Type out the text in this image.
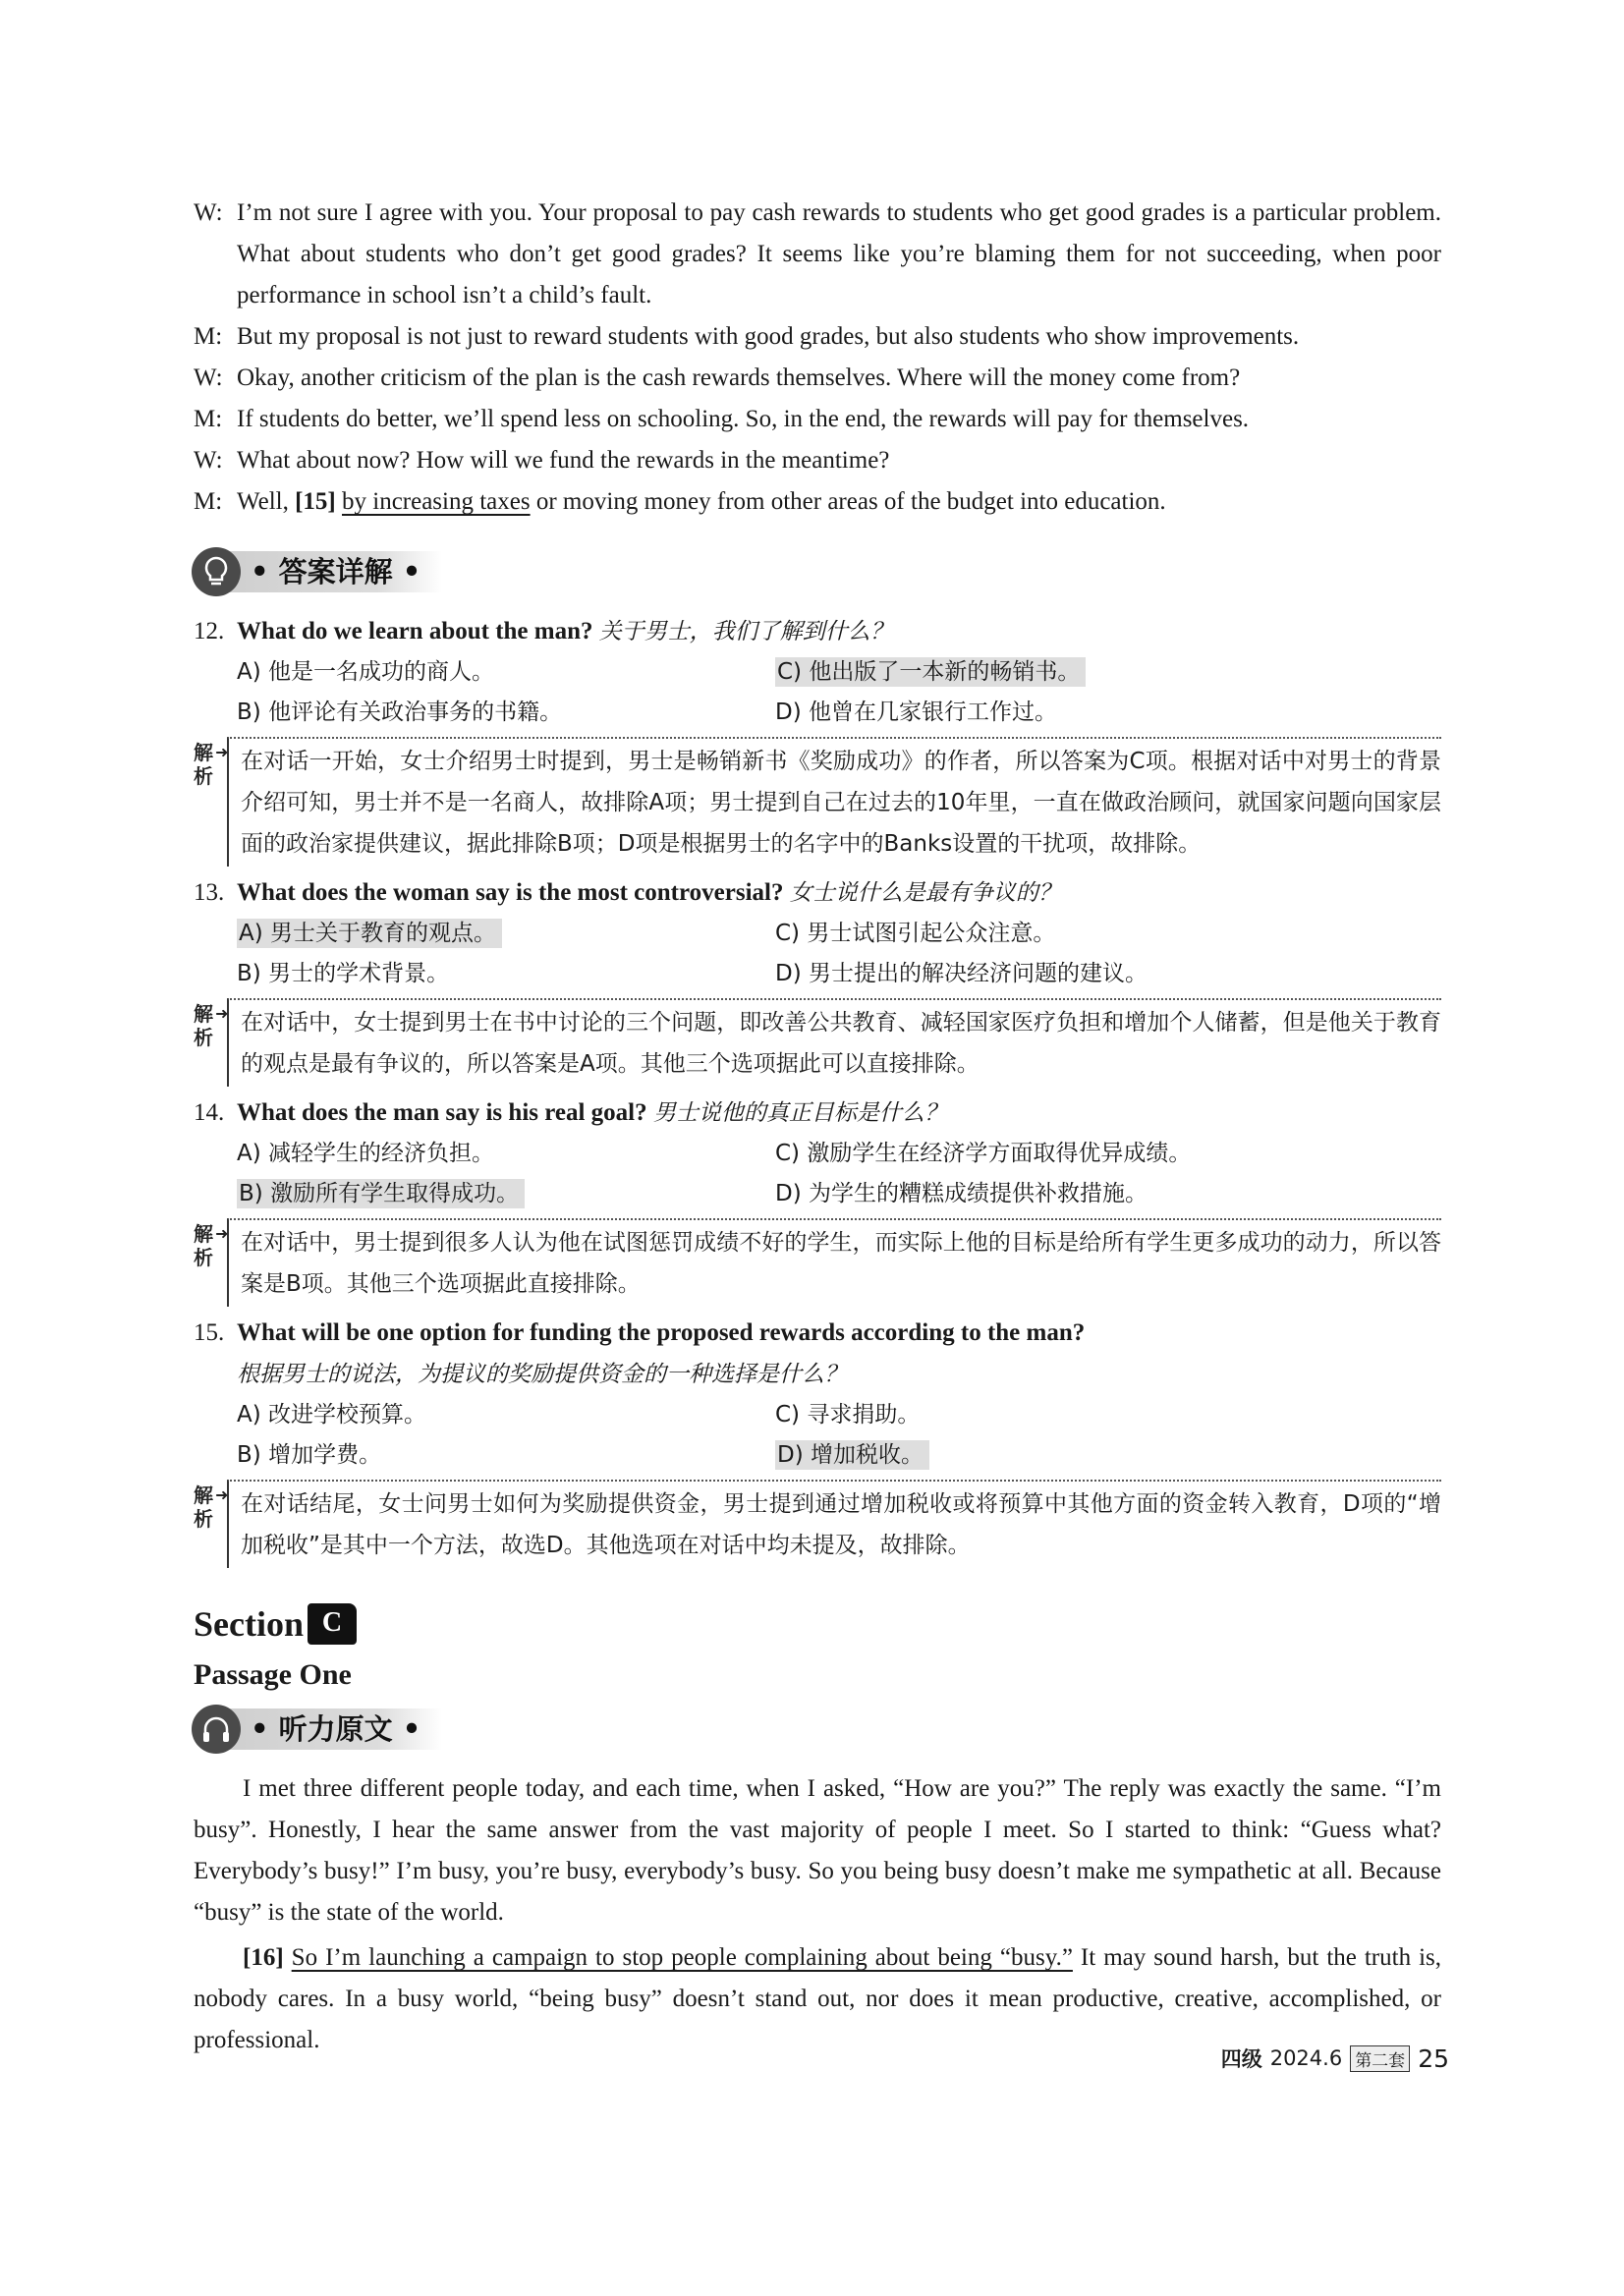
W: I’m not sure I agree with you. Your proposal to pay cash rewards to students who get good grades is a particular problem. What about students who don’t get good grades? It seems like you’re blaming them for not succeeding, when poor performance in school isn’t a child’s fault.
M: But my proposal is not just to reward students with good grades, but also students who show improvements.
W: Okay, another criticism of the plan is the cash rewards themselves. Where will the money come from?
M: If students do better, we’ll spend less on schooling. So, in the end, the rewards will pay for themselves.
W: What about now? How will we fund the rewards in the meantime?
M: Well, [15] by increasing taxes or moving money from other areas of the budget into education.
• 答案详解 •
12. What do we learn about the man? 关于男士，我们了解到什么？
A) 他是一名成功的商人。	C) 他出版了一本新的畅销书。
B) 他评论有关政治事务的书籍。	D) 他曾在几家银行工作过。
解析
➜ 在对话一开始，女士介绍男士时提到，男士是畅销新书《奖励成功》的作者，所以答案为C项。根据对话中对男士的背景介绍可知，男士并不是一名商人，故排除A项；男士提到自己在过去的10年里，一直在做政治顾问，就国家问题向国家层面的政治家提供建议，据此排除B项；D项是根据男士的名字中的Banks设置的干扰项，故排除。
13. What does the woman say is the most controversial? 女士说什么是最有争议的？
A) 男士关于教育的观点。	C) 男士试图引起公众注意。
B) 男士的学术背景。	D) 男士提出的解决经济问题的建议。
解析
➜ 在对话中，女士提到男士在书中讨论的三个问题，即改善公共教育、减轻国家医疗负担和增加个人储蓄，但是他关于教育的观点是最有争议的，所以答案是A项。其他三个选项据此可以直接排除。
14. What does the man say is his real goal? 男士说他的真正目标是什么？
A) 减轻学生的经济负担。	C) 激励学生在经济学方面取得优异成绩。
B) 激励所有学生取得成功。	D) 为学生的糟糕成绩提供补救措施。
解析
➜ 在对话中，男士提到很多人认为他在试图惩罚成绩不好的学生，而实际上他的目标是给所有学生更多成功的动力，所以答案是B项。其他三个选项据此直接排除。
15. What will be one option for funding the proposed rewards according to the man?
根据男士的说法，为提议的奖励提供资金的一种选择是什么？
A) 改进学校预算。	C) 寻求捐助。
B) 增加学费。	D) 增加税收。
解析
➜ 在对话结尾，女士问男士如何为奖励提供资金，男士提到通过增加税收或将预算中其他方面的资金转入教育，D项的“增加税收”是其中一个方法，故选D。其他选项在对话中均未提及，故排除。
Section C
Passage One
• 听力原文 •

I met three different people today, and each time, when I asked, “How are you?” The reply was exactly the same. “I’m busy”. Honestly, I hear the same answer from the vast majority of people I meet. So I started to think: “Guess what? Everybody’s busy!” I’m busy, you’re busy, everybody’s busy. So you being busy doesn’t make me sympathetic at all. Because “busy” is the state of the world.

[16] So I’m launching a campaign to stop people complaining about being “busy.” It may sound harsh, but the truth is, nobody cares. In a busy world, “being busy” doesn’t stand out, nor does it mean productive, creative, accomplished, or professional.

四级 2024.6 第二套 25
